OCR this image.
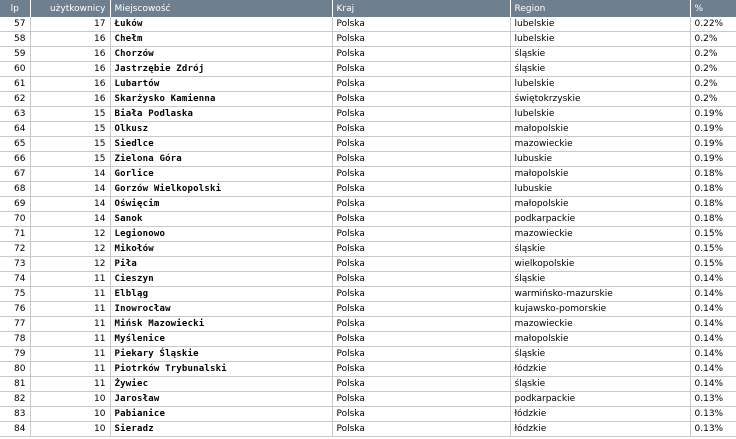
lp	użytkownicy	Miejscowość	Kraj	Region	%
57	17	Łuków	Polska	lubelskie	0.22%
58	16	Chełm	Polska	lubelskie	0.2%
59	16	Chorzów	Polska	śląskie	0.2%
60	16	Jastrzębie Zdrój	Polska	śląskie	0.2%
61	16	Lubartów	Polska	lubelskie	0.2%
62	16	Skarżysko Kamienna	Polska	świętokrzyskie	0.2%
63	15	Biała Podlaska	Polska	lubelskie	0.19%
64	15	Olkusz	Polska	małopolskie	0.19%
65	15	Siedlce	Polska	mazowieckie	0.19%
66	15	Zielona Góra	Polska	lubuskie	0.19%
67	14	Gorlice	Polska	małopolskie	0.18%
68	14	Gorzów Wielkopolski	Polska	lubuskie	0.18%
69	14	Oświęcim	Polska	małopolskie	0.18%
70	14	Sanok	Polska	podkarpackie	0.18%
71	12	Legionowo	Polska	mazowieckie	0.15%
72	12	Mikołów	Polska	śląskie	0.15%
73	12	Piła	Polska	wielkopolskie	0.15%
74	11	Cieszyn	Polska	śląskie	0.14%
75	11	Elbląg	Polska	warmińsko-mazurskie	0.14%
76	11	Inowrocław	Polska	kujawsko-pomorskie	0.14%
77	11	Mińsk Mazowiecki	Polska	mazowieckie	0.14%
78	11	Myślenice	Polska	małopolskie	0.14%
79	11	Piekary Śląskie	Polska	śląskie	0.14%
80	11	Piotrków Trybunalski	Polska	łódzkie	0.14%
81	11	Żywiec	Polska	śląskie	0.14%
82	10	Jarosław	Polska	podkarpackie	0.13%
83	10	Pabianice	Polska	łódzkie	0.13%
84	10	Sieradz	Polska	łódzkie	0.13%
